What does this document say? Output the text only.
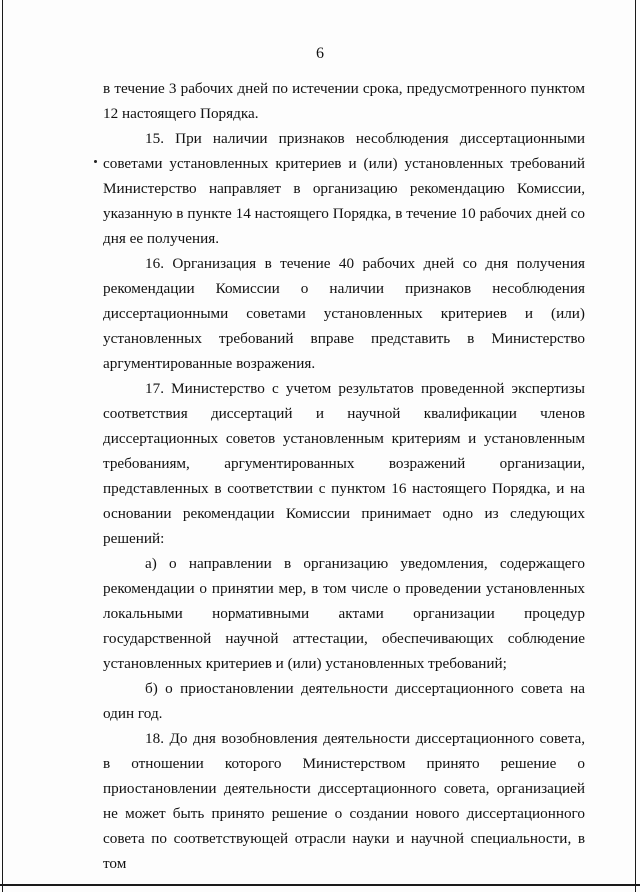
6

в течение 3 рабочих дней по истечении срока, предусмотренного пунктом 12 настоящего Порядка.

15. При наличии признаков несоблюдения диссертационными советами установленных критериев и (или) установленных требований Министерство направляет в организацию рекомендацию Комиссии, указанную в пункте 14 настоящего Порядка, в течение 10 рабочих дней со дня ее получения.

16. Организация в течение 40 рабочих дней со дня получения рекомендации Комиссии о наличии признаков несоблюдения диссертационными советами установленных критериев и (или) установленных требований вправе представить в Министерство аргументированные возражения.

17. Министерство с учетом результатов проведенной экспертизы соответствия диссертаций и научной квалификации членов диссертационных советов установленным критериям и установленным требованиям, аргументированных возражений организации, представленных в соответствии с пунктом 16 настоящего Порядка, и на основании рекомендации Комиссии принимает одно из следующих решений:

а) о направлении в организацию уведомления, содержащего рекомендации о принятии мер, в том числе о проведении установленных локальными нормативными актами организации процедур государственной научной аттестации, обеспечивающих соблюдение установленных критериев и (или) установленных требований;

б) о приостановлении деятельности диссертационного совета на один год.

18. До дня возобновления деятельности диссертационного совета, в отношении которого Министерством принято решение о приостановлении деятельности диссертационного совета, организацией не может быть принято решение о создании нового диссертационного совета по соответствующей отрасли науки и научной специальности, в том
